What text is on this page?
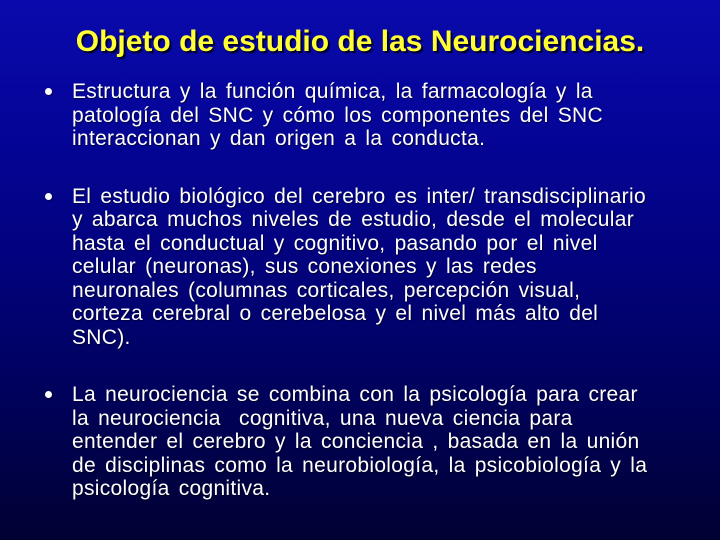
Objeto de estudio de las Neurociencias.
Estructura y la función química, la farmacología y la
patología del SNC y cómo los componentes del SNC
interaccionan y dan origen a la conducta.
El estudio biológico del cerebro es inter/ transdisciplinario
y abarca muchos niveles de estudio, desde el molecular
hasta el conductual y cognitivo, pasando por el nivel
celular (neuronas), sus conexiones y las redes
neuronales (columnas corticales, percepción visual,
corteza cerebral o cerebelosa y el nivel más alto del
SNC).
La neurociencia se combina con la psicología para crear
la neurociencia  cognitiva, una nueva ciencia para
entender el cerebro y la conciencia , basada en la unión
de disciplinas como la neurobiología, la psicobiología y la
psicología cognitiva.
